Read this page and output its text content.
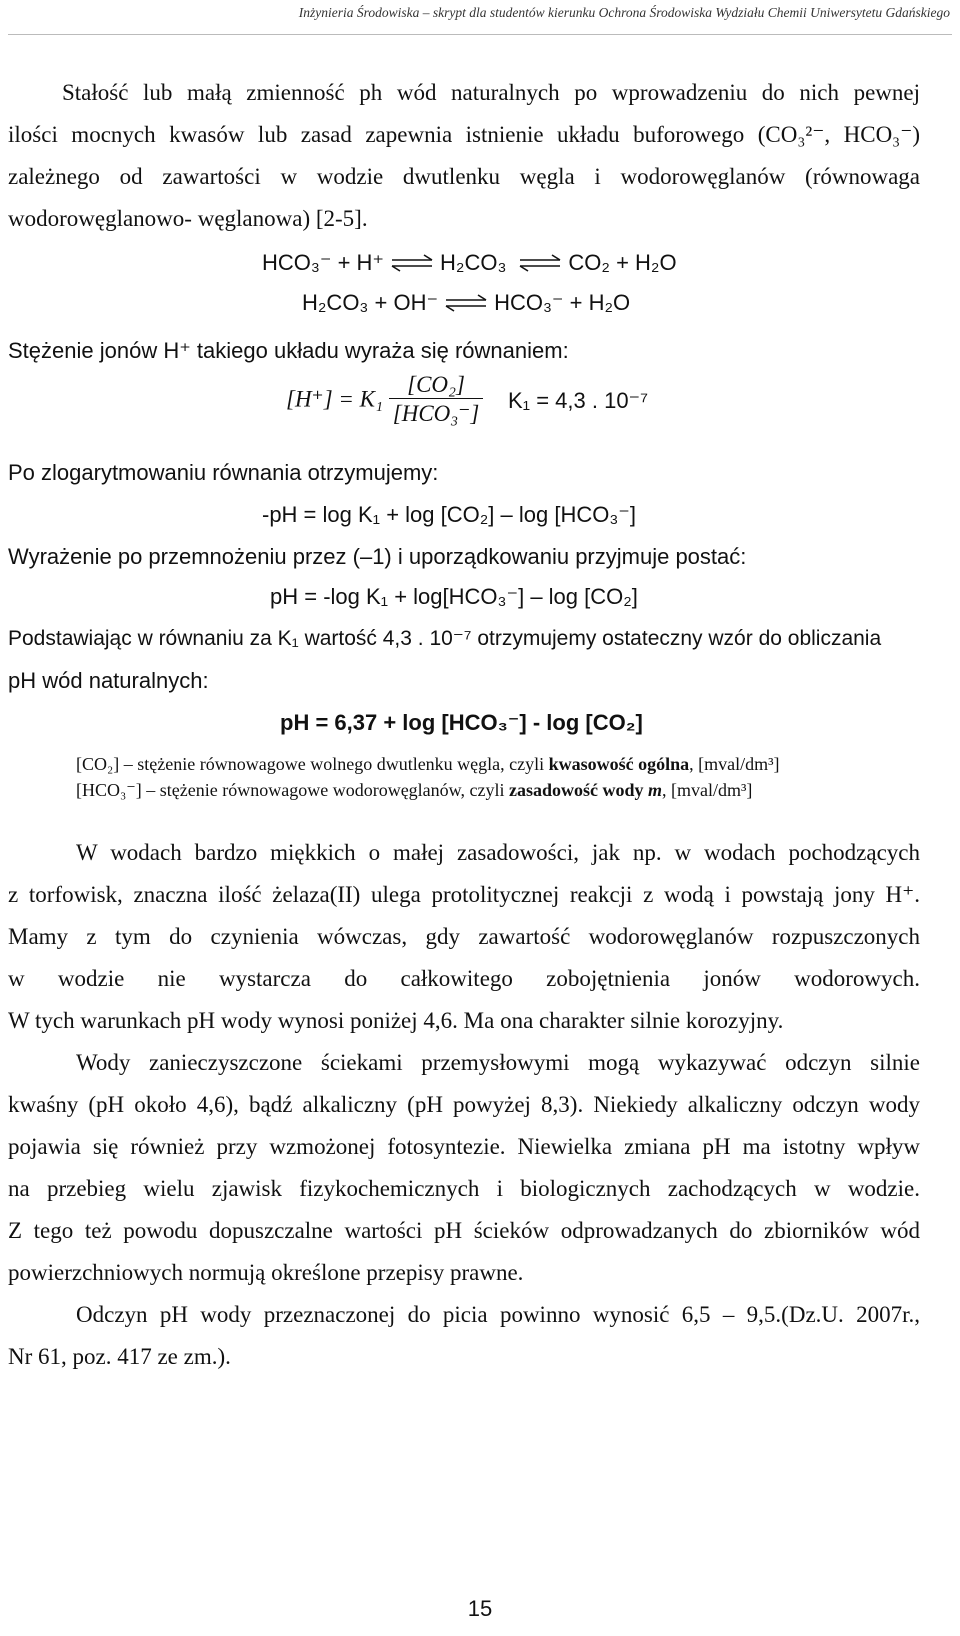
Inżynieria Środowiska – skrypt dla studentów kierunku Ochrona Środowiska Wydziału Chemii Uniwersytetu Gdańskiego
Stałość lub małą zmienność ph wód naturalnych po wprowadzeniu do nich pewnej
ilości mocnych kwasów lub zasad zapewnia istnienie układu buforowego (CO₃²⁻, HCO₃⁻)
zależnego od zawartości w wodzie dwutlenku węgla i wodorowęglanów (równowaga
wodorowęglanowo- węglanowa) [2-5].
HCO₃⁻ + H⁺ ⇌ H₂CO₃ ⇌ CO₂ + H₂O
H₂CO₃ + OH⁻ ⇌ HCO₃⁻ + H₂O
Stężenie jonów H⁺ takiego układu wyraża się równaniem:
$[H^+] = K_1 \frac{\text{[CO₂]}}{\text{[HCO₃⁻]}} K_1 = 4,3$ . 10⁻⁷
Po zlogarytmowaniu równania otrzymujemy:
-pH = log K₁ + log [CO₂] – log [HCO₃⁻]
Wyrażenie po przemnożeniu przez (–1) i uporządkowaniu przyjmuje postać:
pH = -log K₁ + log[HCO₃⁻] – log [CO₂]
Podstawiając w równaniu za K₁ wartość 4,3 . 10⁻⁷ otrzymujemy ostateczny wzór do obliczania
pH wód naturalnych:
pH = 6,37 + log [HCO₃⁻] - log [CO₂]
[CO₂] – stężenie równowagowe wolnego dwutlenku węgla, czyli kwasowość ogólna, [mval/dm³]
[HCO₃⁻] – stężenie równowagowe wodorowęglanów, czyli zasadowość wody m, [mval/dm³]
W wodach bardzo miękkich o małej zasadowości, jak np. w wodach pochodzących
z torfowisk, znaczna ilość żelaza(II) ulega protolitycznej reakcji z wodą i powstają jony H⁺.
Mamy z tym do czynienia wówczas, gdy zawartość wodorowęglanów rozpuszczonych
w wodzie nie wystarcza do całkowitego zobojętnienia jonów wodorowych.
W tych warunkach pH wody wynosi poniżej 4,6. Ma ona charakter silnie korozyjny.
Wody zanieczyszczone ściekami przemysłowymi mogą wykazywać odczyn silnie
kwaśny (pH około 4,6), bądź alkaliczny (pH powyżej 8,3). Niekiedy alkaliczny odczyn wody
pojawia się również przy wzmożonej fotosyntezie. Niewielka zmiana pH ma istotny wpływ
na przebieg wielu zjawisk fizykochemicznych i biologicznych zachodzących w wodzie.
Z tego też powodu dopuszczalne wartości pH ścieków odprowadzanych do zbiorników wód
powierzchniowych normują określone przepisy prawne.
Odczyn pH wody przeznaczonej do picia powinno wynosić 6,5 – 9,5.(Dz.U. 2007r.,
Nr 61, poz. 417 ze zm.).
15
